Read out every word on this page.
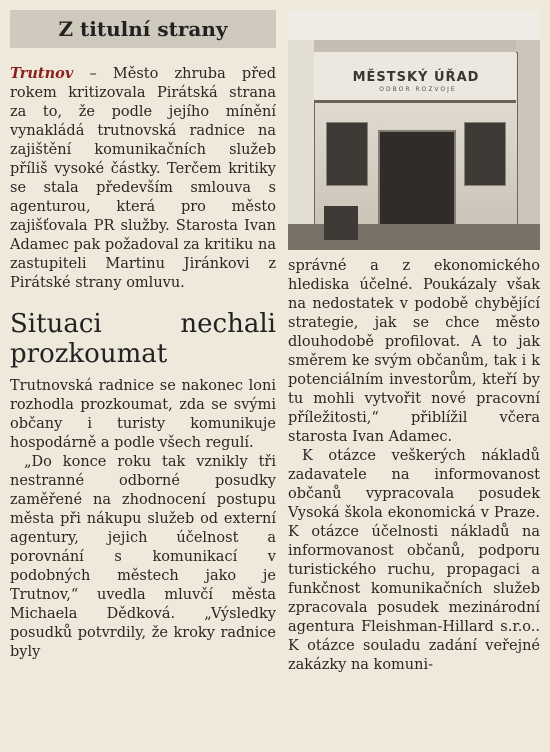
Z titulní strany
MĚSTSKÝ ÚŘAD
ODBOR ROZVOJE

Trutnov – Město zhruba před rokem kritizovala Pirátská strana za to, že podle jejího mínění vynakládá trutnovská radnice na zajištění komunikačních služeb příliš vysoké částky. Terčem kritiky se stala především smlouva s agenturou, která pro město zajišťovala PR služby. Starosta Ivan Adamec pak požadoval za kritiku na zastupiteli Martinu Jiránkovi z Pirátské strany omluvu.

Situaci nechali prozkoumat

Trutnovská radnice se nakonec loni rozhodla prozkoumat, zda se svými občany i turisty komunikuje hospodárně a podle všech regulí.

„Do konce roku tak vznikly tři nestranné odborné posudky zaměřené na zhodnocení postupu města při nákupu služeb od externí agentury, jejich účelnost a porovnání s komunikací v podobných městech jako je Trutnov,“ uvedla mluvčí města Michaela Dědková. „Výsledky posudků potvrdily, že kroky radnice byly

správné a z ekonomického hlediska účelné. Poukázaly však na nedostatek v podobě chybějící strategie, jak se chce město dlouhodobě profilovat. A to jak směrem ke svým občanům, tak i k potenciálním investorům, kteří by tu mohli vytvořit nové pracovní příležitosti,“ přiblížil včera starosta Ivan Adamec.

K otázce veškerých nákladů zadavatele na informovanost občanů vypracovala posudek Vysoká škola ekonomická v Praze. K otázce účelnosti nákladů na informovanost občanů, podporu turistického ruchu, propagaci a funkčnost komunikačních služeb zpracovala posudek mezinárodní agentura Fleishman-Hillard s.r.o.. K otázce souladu zadání veřejné zakázky na komuni-
